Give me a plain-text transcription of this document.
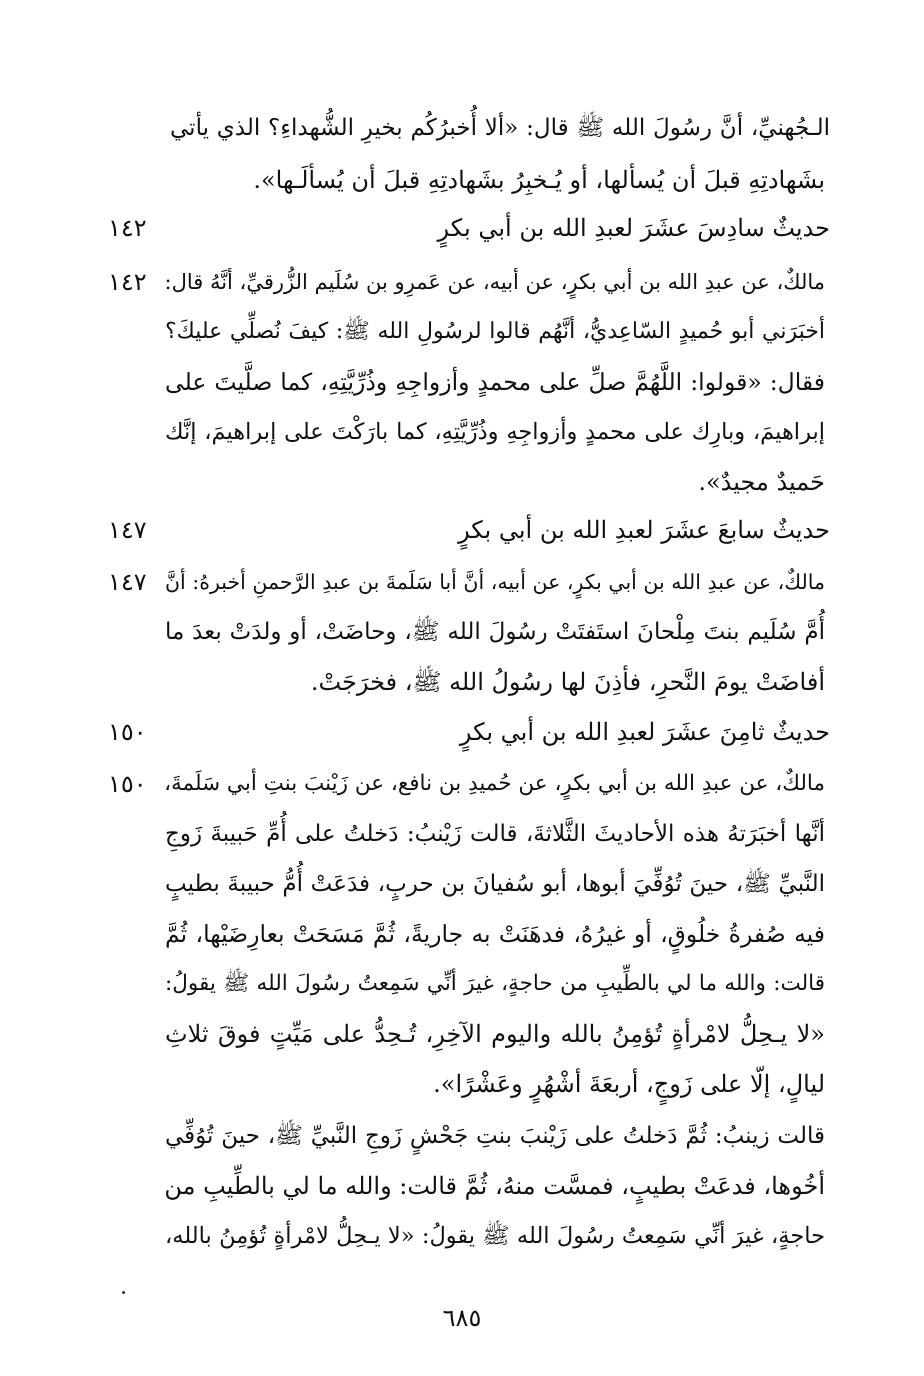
الـجُهنيِّ، أنَّ رسُولَ الله ﷺ قال: «ألا أُخبرُكُم بخيرِ الشُّهداءِ؟ الذي يأتي
بشَهادتِهِ قبلَ أن يُسألها، أو يُـخبِرُ بشَهادتِهِ قبلَ أن يُسألَـها».
حديثٌ سادِسَ عشَرَ لعبدِ الله بن أبي بكرٍ
١٤٢
مالكٌ، عن عبدِ الله بن أبي بكرٍ، عن أبيه، عن عَمرِو بن سُلَيم الزُّرقيِّ، أنَّهُ قال:
١٤٢
أخبَرَني أبو حُميدٍ السّاعِديُّ، أنَّهُم قالوا لرسُولِ الله ﷺ: كيفَ نُصلِّي عليكَ؟
فقال: «قولوا: اللَّهُمَّ صلِّ على محمدٍ وأزواجِهِ وذُرِّيَّتِهِ، كما صلَّيتَ على
إبراهيمَ، وبارِك على محمدٍ وأزواجِهِ وذُرِّيَّتِهِ، كما بارَكْتَ على إبراهيمَ، إنَّك
حَميدٌ مجيدٌ».
حديثٌ سابعَ عشَرَ لعبدِ الله بن أبي بكرٍ
١٤٧
مالكٌ، عن عبدِ الله بن أبي بكرٍ، عن أبيه، أنَّ أبا سَلَمةَ بن عبدِ الرَّحمنِ أخبرهُ: أنَّ
١٤٧
أُمَّ سُلَيم بنتَ مِلْحانَ استَفتَتْ رسُولَ الله ﷺ، وحاضَتْ، أو ولدَتْ بعدَ ما
أفاضَتْ يومَ النَّحرِ، فأذِنَ لها رسُولُ الله ﷺ، فخرَجَتْ.
حديثٌ ثامِنَ عشَرَ لعبدِ الله بن أبي بكرٍ
١٥٠
مالكٌ، عن عبدِ الله بن أبي بكرٍ، عن حُميدِ بن نافع، عن زَيْنبَ بنتِ أبي سَلَمةَ،
١٥٠
أنَّها أخبَرَتهُ هذه الأحاديثَ الثَّلاثةَ، قالت زَيْنبُ: دَخلتُ على أُمِّ حَبيبةَ زَوجِ
النَّبيِّ ﷺ، حينَ تُوُفِّيَ أبوها، أبو سُفيانَ بن حربٍ، فدَعَتْ أُمُّ حبيبةَ بطيبٍ
فيه صُفرةُ خلُوقٍ، أو غيرُهُ، فدهَنَتْ به جاريةً، ثُمَّ مَسَحَتْ بعارِضَيْها، ثُمَّ
قالت: والله ما لي بالطِّيبِ من حاجةٍ، غيرَ أنِّي سَمِعتُ رسُولَ الله ﷺ يقولُ:
«لا يـحِلُّ لامْرأةٍ تُؤمِنُ بالله واليوم الآخِرِ، تُـحِدُّ على مَيِّتٍ فوقَ ثلاثِ
ليالٍ، إلّا على زَوجٍ، أربعَةَ أشْهُرٍ وعَشْرًا».
قالت زينبُ: ثُمَّ دَخلتُ على زَيْنبَ بنتِ جَحْشٍ زَوجِ النَّبيِّ ﷺ، حينَ تُوُفِّي
أخُوها، فدعَتْ بطيبٍ، فمسَّت منهُ، ثُمَّ قالت: والله ما لي بالطِّيبِ من
حاجةٍ، غيرَ أنِّي سَمِعتُ رسُولَ الله ﷺ يقولُ: «لا يـحِلُّ لامْرأةٍ تُؤمِنُ بالله،
٦٨٥
